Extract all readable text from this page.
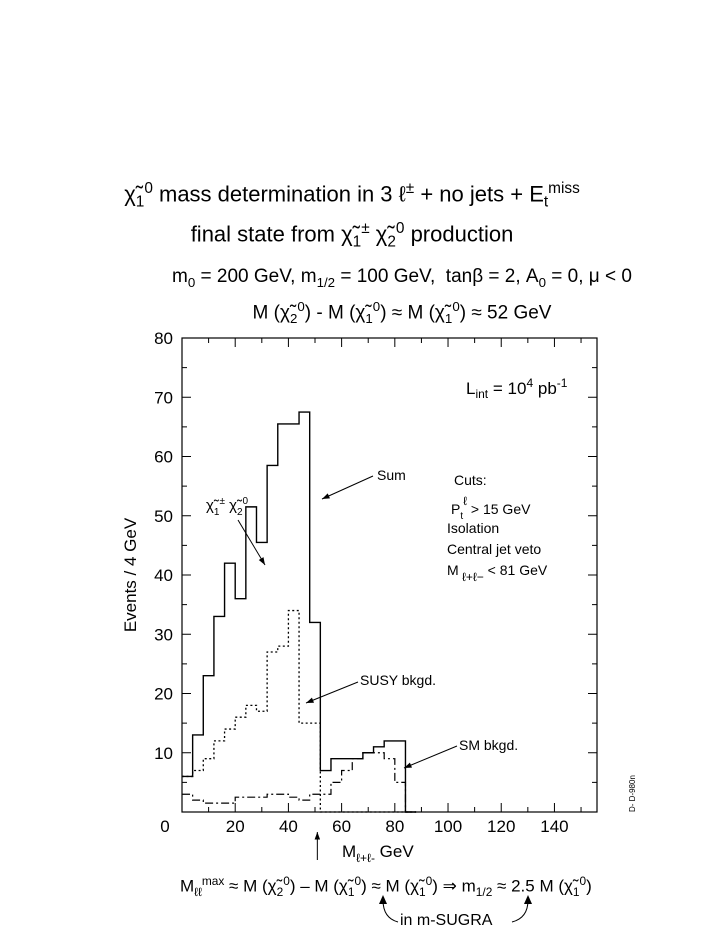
$\chĩ_1^0$ mass determination in 3 ℓ± + no jets + $E_t^{miss}$
final state from $\chĩ_1^\pm$ $\chĩ_2^0$ production
$m_0 = 200$ GeV, $m_{1/2} = 100$ GeV,  tanβ = 2, $A_0 = 0$, μ < 0
M $(\chĩ_2^0)$ - M $(\chĩ_1^0) \approx M$ $(\chĩ_1^0) \approx 52$ GeV
10
20
30
40
50
60
70
80
0	20 40 60 80 100 120 140
Events / 4 GeV
$M_{\ell+\ell-}$ GeV
$L_{int} = 10^4$ $pb^{-1}$
Sum
$\chĩ_1^\pm$ $\chĩ_2^0$
Cuts:
$P_t\ell > 15$ GeV
Isolation
Central jet veto
M ℓ+ℓ− < 81 GeV
SUSY bkgd.
SM bkgd.
D- D-980n
$M_{\ell\ell}^{max} \approx M$ $(\chĩ_2^0)$ – M $(\chĩ_1^0) \approx M$ $(\chĩ_1^0)$ ⇒ $m_{1/2} \approx 2.5$ M $(\chĩ_1^0)$
in m-SUGRA
